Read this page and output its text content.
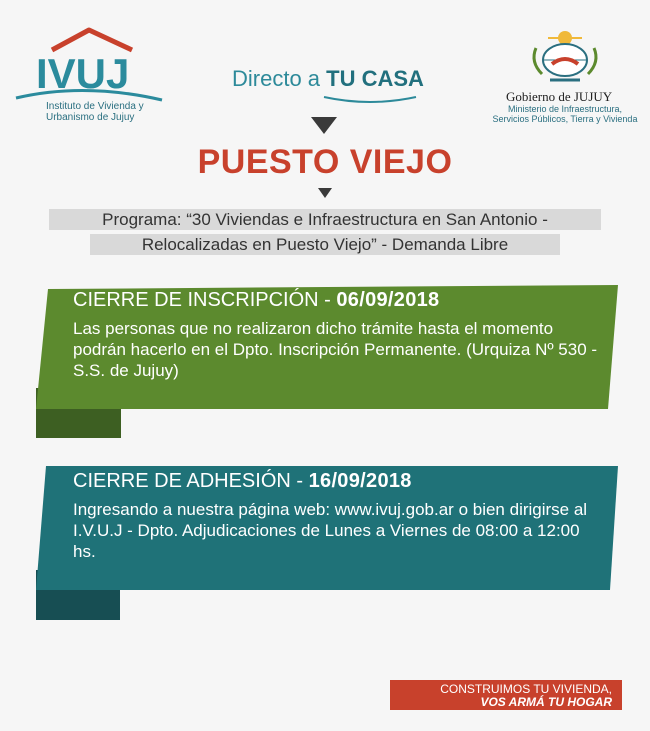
IVUJ
Instituto de Vivienda y Urbanismo de Jujuy
Directo a TU CASA
Gobierno de JUJUY
Ministerio de Infraestructura, Servicios Públicos, Tierra y Vivienda
PUESTO VIEJO
Programa: “30 Viviendas e Infraestructura en San Antonio -
Relocalizadas en Puesto Viejo” - Demanda Libre
CIERRE DE INSCRIPCIÓN - 06/09/2018
Las personas que no realizaron dicho trámite hasta el momento podrán hacerlo en el Dpto. Inscripción Permanente. (Urquiza Nº 530 - S.S. de Jujuy)
CIERRE DE ADHESIÓN - 16/09/2018
Ingresando a nuestra página web: www.ivuj.gob.ar o bien dirigirse al I.V.U.J - Dpto. Adjudicaciones de Lunes a Viernes de 08:00 a 12:00 hs.
CONSTRUIMOS TU VIVIENDA,
VOS ARMÁ TU HOGAR
